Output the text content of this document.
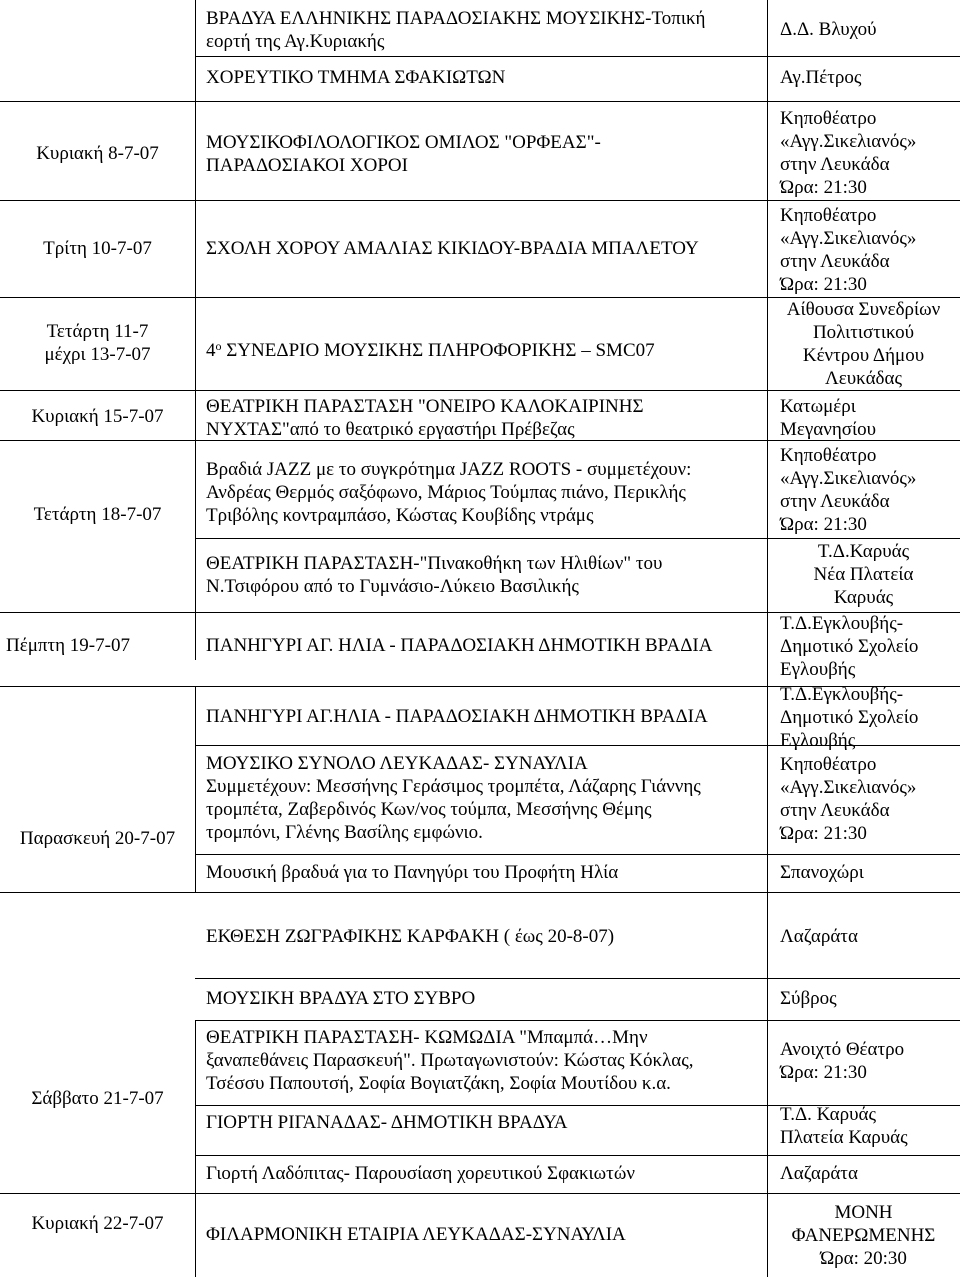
Κυριακή 8-7-07
Τρίτη 10-7-07
Τετάρτη 11-7
μέχρι 13-7-07
Κυριακή 15-7-07
Τετάρτη 18-7-07
Πέμπτη 19-7-07
Παρασκευή 20-7-07
Σάββατο 21-7-07
Κυριακή 22-7-07
ΒΡΑΔΥΑ ΕΛΛΗΝΙΚΗΣ ΠΑΡΑΔΟΣΙΑΚΗΣ ΜΟΥΣΙΚΗΣ-Τοπική
εορτή της Αγ.Κυριακής
ΧΟΡΕΥΤΙΚΟ ΤΜΗΜΑ ΣΦΑΚΙΩΤΩΝ
ΜΟΥΣΙΚΟΦΙΛΟΛΟΓΙΚΟΣ ΟΜΙΛΟΣ "ΟΡΦΕΑΣ"-
ΠΑΡΑΔΟΣΙΑΚΟΙ ΧΟΡΟΙ
ΣΧΟΛΗ ΧΟΡΟΥ ΑΜΑΛΙΑΣ ΚΙΚΙΔΟΥ-ΒΡΑΔΙΑ ΜΠΑΛΕΤΟΥ
$4^o$ ΣΥΝΕΔΡΙΟ ΜΟΥΣΙΚΗΣ ΠΛΗΡΟΦΟΡΙΚΗΣ – SMC07
ΘΕΑΤΡΙΚΗ ΠΑΡΑΣΤΑΣΗ "ΟΝΕΙΡΟ ΚΑΛΟΚΑΙΡΙΝΗΣ
ΝΥΧΤΑΣ"από το θεατρικό εργαστήρι Πρέβεζας
Βραδιά JAZZ με το συγκρότημα JAZZ ROOTS - συμμετέχουν:
Ανδρέας Θερμός σαξόφωνο, Μάριος Τούμπας πιάνο, Περικλής
Τριβόλης κοντραμπάσο, Κώστας Κουβίδης ντράμς
ΘΕΑΤΡΙΚΗ ΠΑΡΑΣΤΑΣΗ-"Πινακοθήκη των Ηλιθίων" του
Ν.Τσιφόρου από το Γυμνάσιο-Λύκειο Βασιλικής
ΠΑΝΗΓΥΡΙ ΑΓ. ΗΛΙΑ - ΠΑΡΑΔΟΣΙΑΚΗ ΔΗΜΟΤΙΚΗ ΒΡΑΔΙΑ
ΠΑΝΗΓΥΡΙ ΑΓ.ΗΛΙΑ - ΠΑΡΑΔΟΣΙΑΚΗ ΔΗΜΟΤΙΚΗ ΒΡΑΔΙΑ
ΜΟΥΣΙΚΟ ΣΥΝΟΛΟ ΛΕΥΚΑΔΑΣ- ΣΥΝΑΥΛΙΑ
Συμμετέχουν: Μεσσήνης Γεράσιμος τρομπέτα, Λάζαρης Γιάννης
τρομπέτα, Ζαβερδινός Κων/νος τούμπα, Μεσσήνης Θέμης
τρομπόνι, Γλένης Βασίλης εμφώνιο.
Μουσική βραδυά για το Πανηγύρι του Προφήτη Ηλία
ΕΚΘΕΣΗ ΖΩΓΡΑΦΙΚΗΣ ΚΑΡΦΑΚΗ ( έως 20-8-07)
ΜΟΥΣΙΚΗ ΒΡΑΔΥΑ ΣΤΟ ΣΥΒΡΟ
ΘΕΑΤΡΙΚΗ ΠΑΡΑΣΤΑΣΗ- ΚΩΜΩΔΙΑ "Μπαμπά…Μην
ξαναπεθάνεις Παρασκευή". Πρωταγωνιστούν: Κώστας Κόκλας,
Τσέσσυ Παπουτσή, Σοφία Βογιατζάκη, Σοφία Μουτίδου κ.α.
ΓΙΟΡΤΗ ΡΙΓΑΝΑΔΑΣ- ΔΗΜΟΤΙΚΗ ΒΡΑΔΥΑ
Γιορτή Λαδόπιτας- Παρουσίαση χορευτικού Σφακιωτών
ΦΙΛΑΡΜΟΝΙΚΗ ΕΤΑΙΡΙΑ ΛΕΥΚΑΔΑΣ-ΣΥΝΑΥΛΙΑ
Δ.Δ. Βλυχού
Αγ.Πέτρος
Κηποθέατρο
«Αγγ.Σικελιανός»
στην Λευκάδα
Ώρα: 21:30
Κηποθέατρο
«Αγγ.Σικελιανός»
στην Λευκάδα
Ώρα: 21:30
Αίθουσα Συνεδρίων
Πολιτιστικού
Κέντρου Δήμου
Λευκάδας
Κατωμέρι
Μεγανησίου
Κηποθέατρο
«Αγγ.Σικελιανός»
στην Λευκάδα
Ώρα: 21:30
Τ.Δ.Καρυάς
Νέα Πλατεία
Καρυάς
Τ.Δ.Εγκλουβής-
Δημοτικό Σχολείο
Εγλουβής
Τ.Δ.Εγκλουβής-
Δημοτικό Σχολείο
Εγλουβής
Κηποθέατρο
«Αγγ.Σικελιανός»
στην Λευκάδα
Ώρα: 21:30
Σπανοχώρι
Λαζαράτα
Σύβρος
Ανοιχτό Θέατρο
Ώρα: 21:30
Τ.Δ. Καρυάς
Πλατεία Καρυάς
Λαζαράτα
ΜΟΝΗ
ΦΑΝΕΡΩΜΕΝΗΣ
Ώρα: 20:30
